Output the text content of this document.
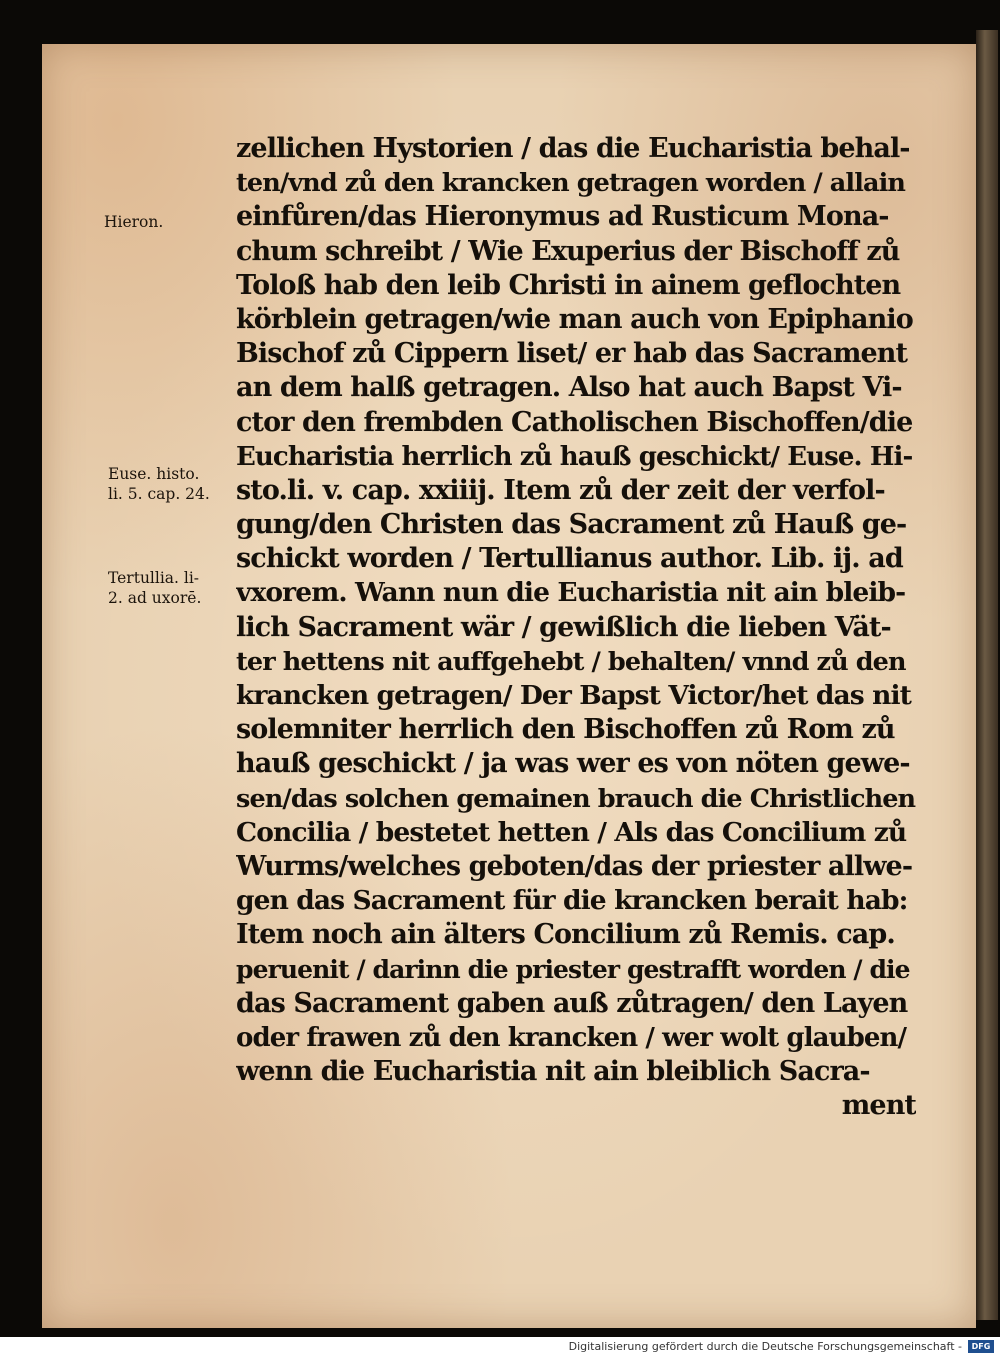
Hieron.
Euse. histo.
li. 5. cap. 24.
Tertullia. li-
2. ad uxorē.
zellichen Hystorien / das die Eucharistia behal-
ten/vnd zů den krancken getragen worden / allain
einfůren/das Hieronymus ad Rusticum Mona-
chum schreibt / Wie Exuperius der Bischoff zů
Toloß hab den leib Christi in ainem geflochten
körblein getragen/wie man auch von Epiphanio
Bischof zů Cippern liset/ er hab das Sacrament
an dem halß getragen. Also hat auch Bapst Vi-
ctor den frembden Catholischen Bischoffen/die
Eucharistia herrlich zů hauß geschickt/ Euse. Hi-
sto.li. v. cap. xxiiij. Item zů der zeit der verfol-
gung/den Christen das Sacrament zů Hauß ge-
schickt worden / Tertullianus author. Lib. ij. ad
vxorem. Wann nun die Eucharistia nit ain bleib-
lich Sacrament wär / gewißlich die lieben Vät-
ter hettens nit auffgehebt / behalten/ vnnd zů den
krancken getragen/ Der Bapst Victor/het das nit
solemniter herrlich den Bischoffen zů Rom zů
hauß geschickt / ja was wer es von nöten gewe-
sen/das solchen gemainen brauch die Christlichen
Concilia / bestetet hetten / Als das Concilium zů
Wurms/welches geboten/das der priester allwe-
gen das Sacrament für die krancken berait hab:
Item noch ain älters Concilium zů Remis. cap.
peruenit / darinn die priester gestrafft worden / die
das Sacrament gaben auß zůtragen/ den Layen
oder frawen zů den krancken / wer wolt glauben/
wenn die Eucharistia nit ain bleiblich Sacra-
ment
Digitalisierung gefördert durch die Deutsche Forschungsgemeinschaft -	DFG
